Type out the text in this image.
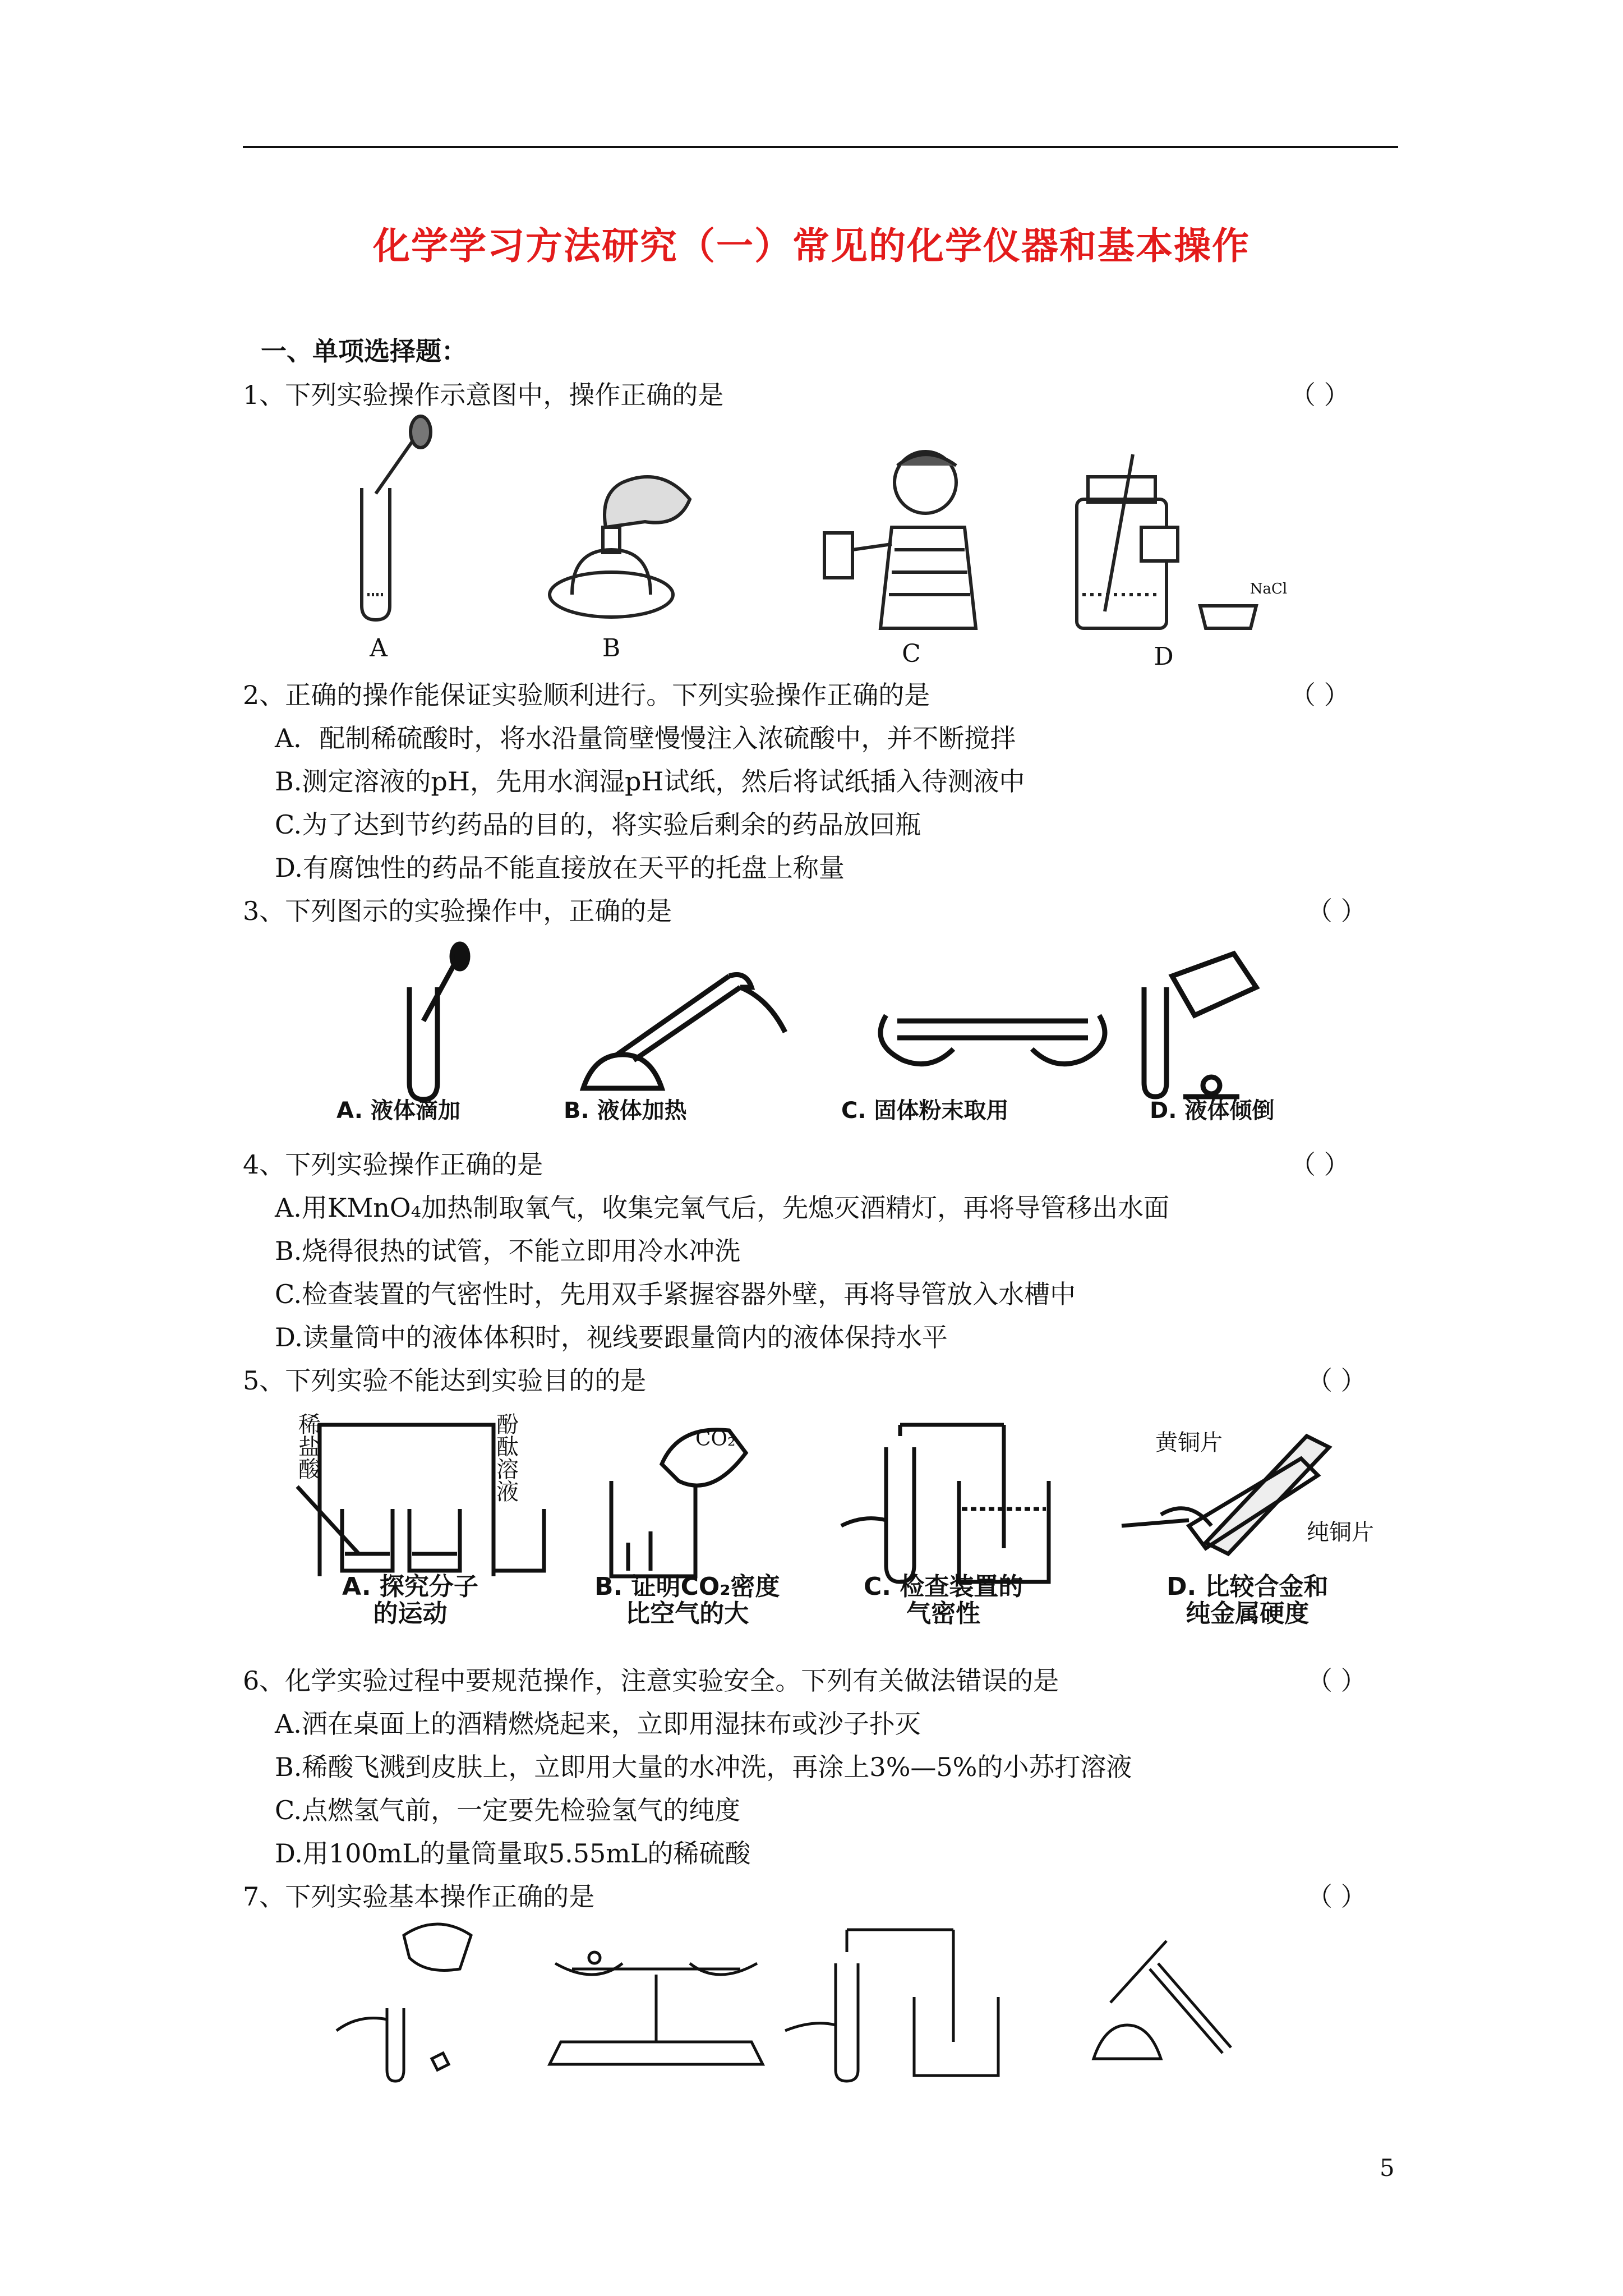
化学学习方法研究（一）常见的化学仪器和基本操作
一、单项选择题：
1、下列实验操作示意图中，操作正确的是	（ ）
A	B	C	D
NaCl
2、正确的操作能保证实验顺利进行。下列实验操作正确的是	（ ）
A．配制稀硫酸时，将水沿量筒壁慢慢注入浓硫酸中，并不断搅拌
B.测定溶液的pH，先用水润湿pH试纸，然后将试纸插入待测液中
C.为了达到节约药品的目的，将实验后剩余的药品放回瓶
D.有腐蚀性的药品不能直接放在天平的托盘上称量
3、下列图示的实验操作中，正确的是	（ ）
A. 液体滴加	B. 液体加热	C. 固体粉末取用	D. 液体倾倒
4、下列实验操作正确的是	（ ）
A.用KMnO₄加热制取氧气，收集完氧气后，先熄灭酒精灯，再将导管移出水面
B.烧得很热的试管，不能立即用冷水冲洗
C.检查装置的气密性时，先用双手紧握容器外壁，再将导管放入水槽中
D.读量筒中的液体体积时，视线要跟量筒内的液体保持水平
5、下列实验不能达到实验目的的是	（ ）
稀盐酸
酚酞溶液
CO₂	黄铜片
纯铜片
A. 探究分子
的运动
B. 证明CO₂密度
比空气的大
C. 检查装置的
气密性
D. 比较合金和
纯金属硬度
6、化学实验过程中要规范操作，注意实验安全。下列有关做法错误的是	（ ）
A.洒在桌面上的酒精燃烧起来，立即用湿抹布或沙子扑灭
B.稀酸飞溅到皮肤上，立即用大量的水冲洗，再涂上3%—5%的小苏打溶液
C.点燃氢气前，一定要先检验氢气的纯度
D.用100mL的量筒量取5.55mL的稀硫酸
7、下列实验基本操作正确的是	（ ）
5
